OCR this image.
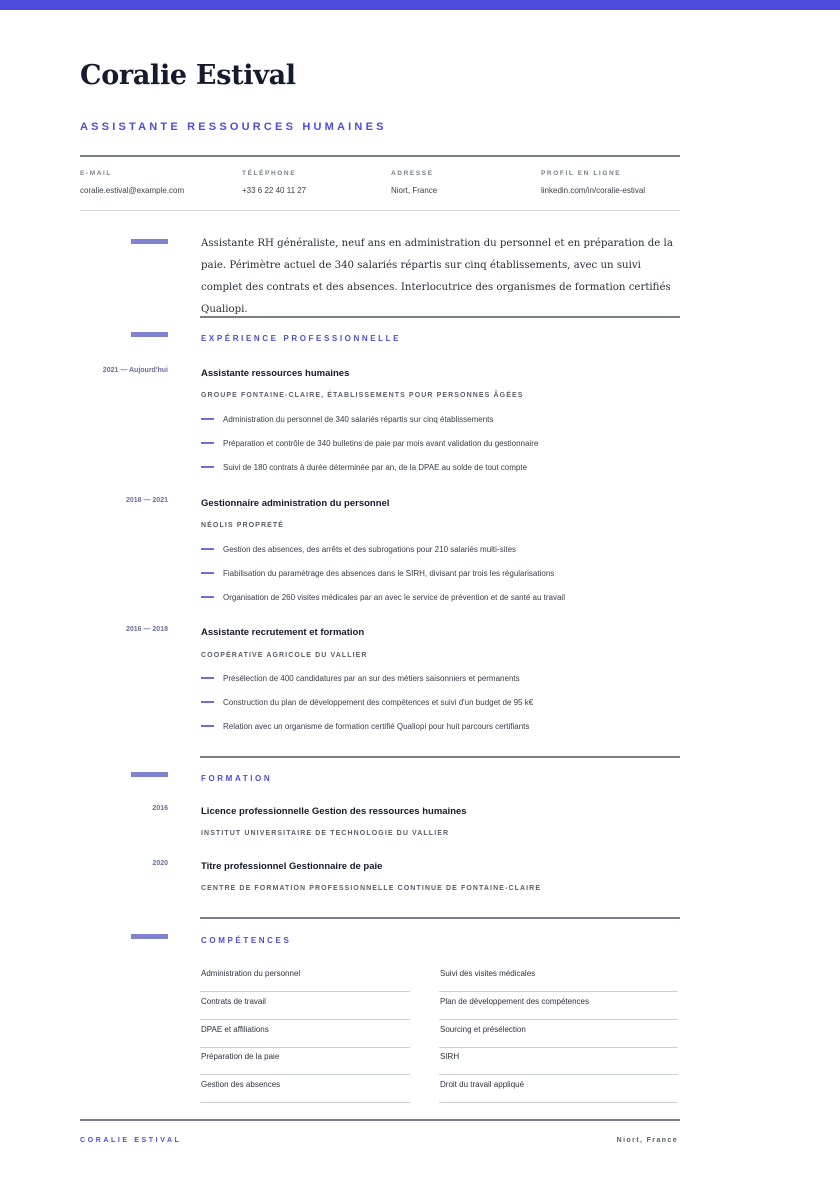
Coralie Estival
ASSISTANTE RESSOURCES HUMAINES
E-MAIL
coralie.estival@example.com
TÉLÉPHONE
+33 6 22 40 11 27
ADRESSE
Niort, France
PROFIL EN LIGNE
linkedin.com/in/coralie-estival
Assistante RH généraliste, neuf ans en administration du personnel et en préparation de la paie. Périmètre actuel de 340 salariés répartis sur cinq établissements, avec un suivi complet des contrats et des absences. Interlocutrice des organismes de formation certifiés Qualiopi.
EXPÉRIENCE PROFESSIONNELLE
2021 — Aujourd'hui	Assistante ressources humaines
GROUPE FONTAINE-CLAIRE, ÉTABLISSEMENTS POUR PERSONNES ÂGÉES
Administration du personnel de 340 salariés répartis sur cinq établissements
Préparation et contrôle de 340 bulletins de paie par mois avant validation du gestionnaire
Suivi de 180 contrats à durée déterminée par an, de la DPAE au solde de tout compte
2018 — 2021	Gestionnaire administration du personnel
NÉOLIS PROPRETÉ
Gestion des absences, des arrêts et des subrogations pour 210 salariés multi-sites
Fiabilisation du paramétrage des absences dans le SIRH, divisant par trois les régularisations
Organisation de 260 visites médicales par an avec le service de prévention et de santé au travail
2016 — 2018	Assistante recrutement et formation
COOPÉRATIVE AGRICOLE DU VALLIER
Présélection de 400 candidatures par an sur des métiers saisonniers et permanents
Construction du plan de développement des compétences et suivi d'un budget de 95 k€
Relation avec un organisme de formation certifié Qualiopi pour huit parcours certifiants
FORMATION
2016	Licence professionnelle Gestion des ressources humaines
INSTITUT UNIVERSITAIRE DE TECHNOLOGIE DU VALLIER
2020	Titre professionnel Gestionnaire de paie
CENTRE DE FORMATION PROFESSIONNELLE CONTINUE DE FONTAINE-CLAIRE
COMPÉTENCES
Administration du personnel	Suivi des visites médicales
Contrats de travail	Plan de développement des compétences
DPAE et affiliations	Sourcing et présélection
Préparation de la paie	SIRH
Gestion des absences	Droit du travail appliqué
CORALIE ESTIVAL	Niort, France
